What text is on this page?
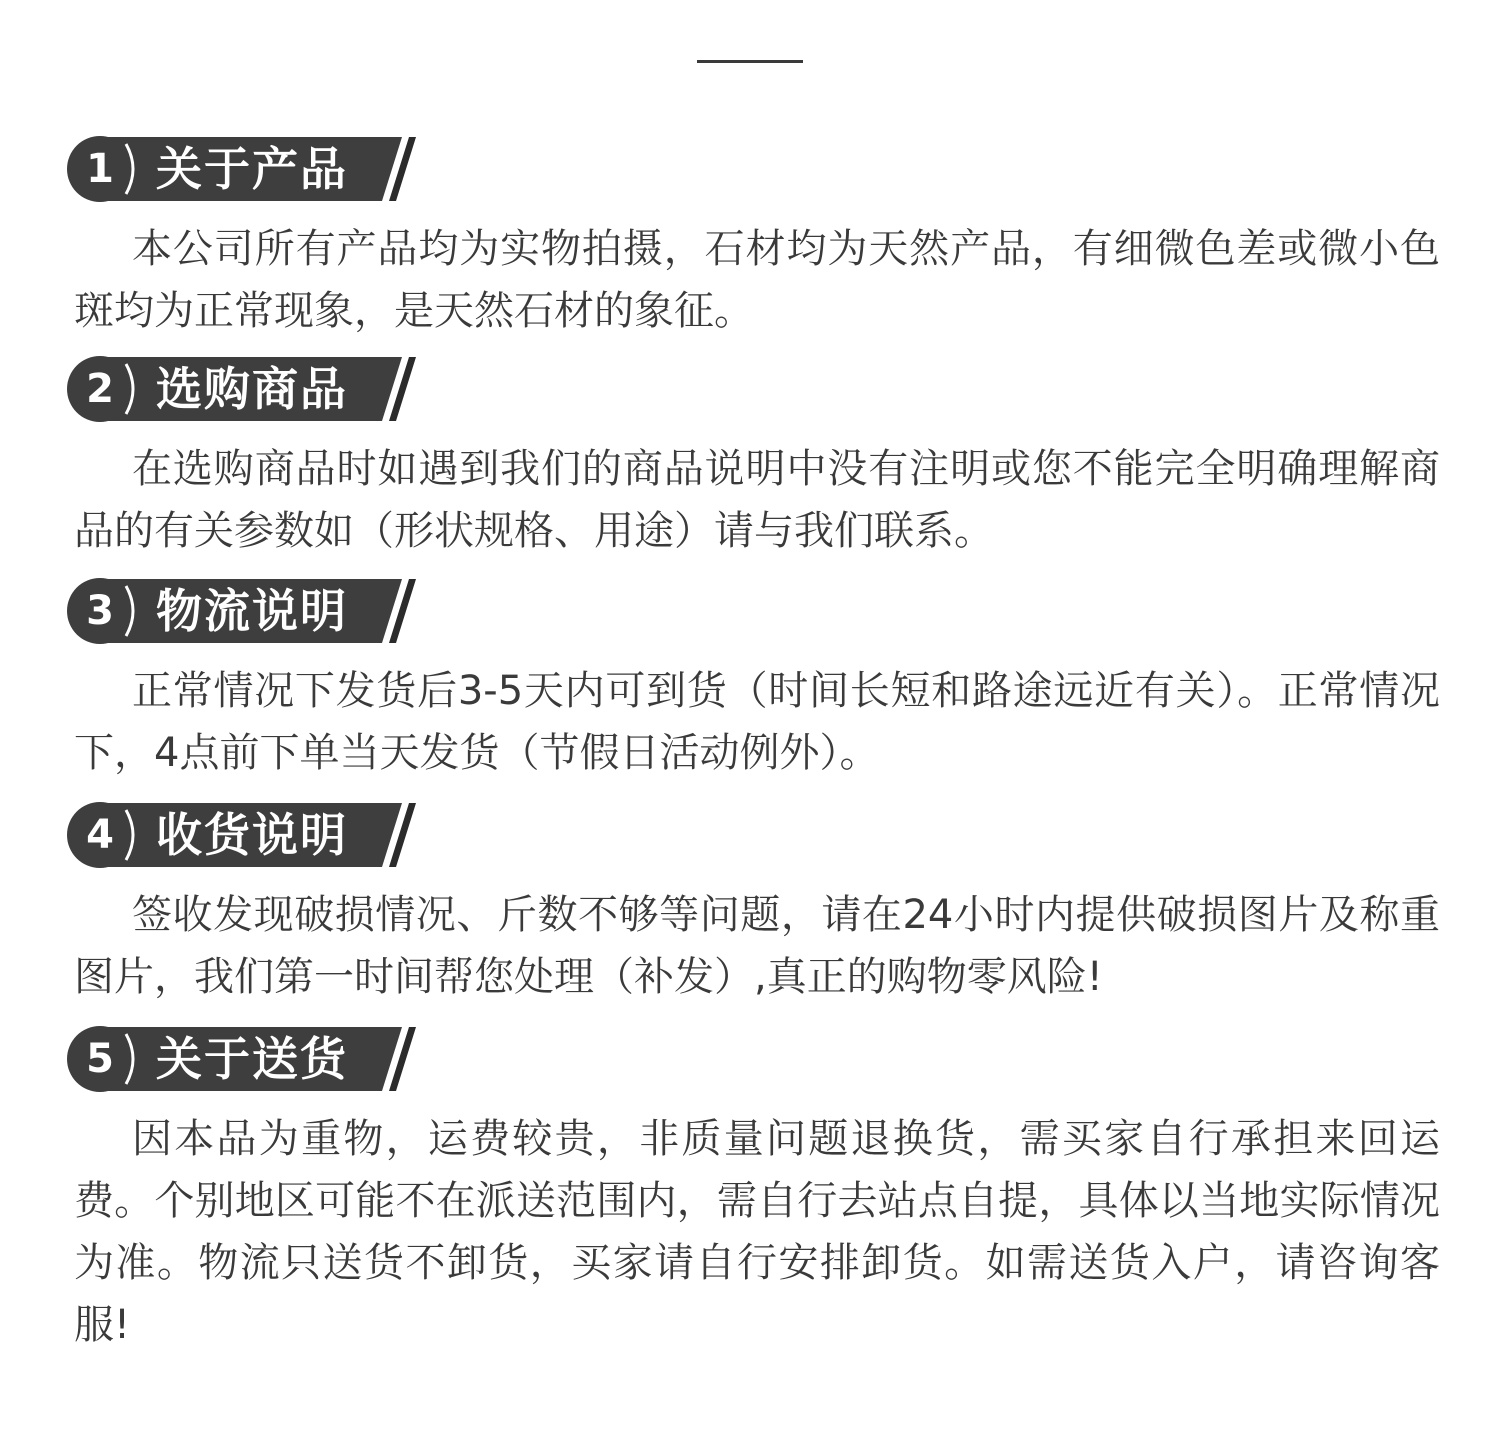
1 关于产品

本公司所有产品均为实物拍摄，石材均为天然产品，有细微色差或微小色斑均为正常现象，是天然石材的象征。

2 选购商品

在选购商品时如遇到我们的商品说明中没有注明或您不能完全明确理解商品的有关参数如（形状规格、用途）请与我们联系。

3 物流说明

正常情况下发货后3-5天内可到货（时间长短和路途远近有关）。正常情况下，4点前下单当天发货（节假日活动例外）。

4 收货说明

签收发现破损情况、斤数不够等问题，请在24小时内提供破损图片及称重图片，我们第一时间帮您处理（补发）,真正的购物零风险!

5 关于送货

因本品为重物，运费较贵，非质量问题退换货，需买家自行承担来回运费。个别地区可能不在派送范围内，需自行去站点自提，具体以当地实际情况为准。物流只送货不卸货，买家请自行安排卸货。如需送货入户，请咨询客服!
